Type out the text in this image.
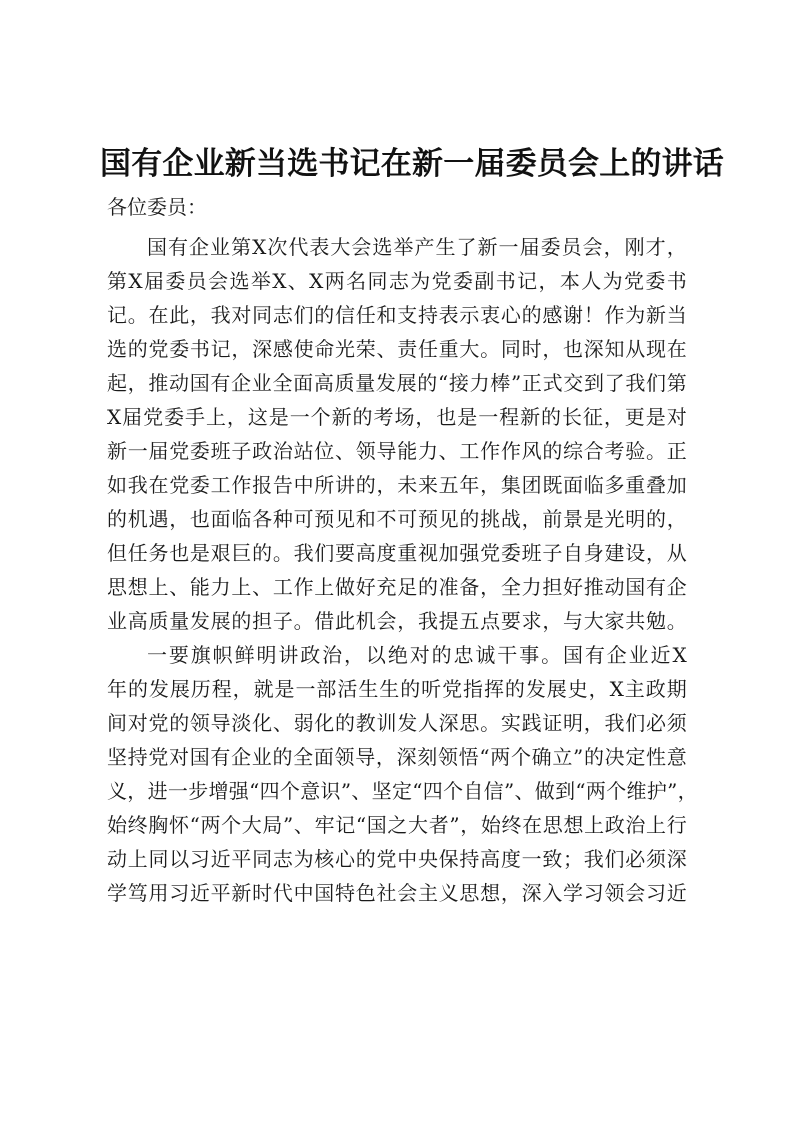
国有企业新当选书记在新一届委员会上的讲话
各位委员：
国有企业第X次代表大会选举产生了新一届委员会，刚才，
第X届委员会选举X、X两名同志为党委副书记，本人为党委书
记。在此，我对同志们的信任和支持表示衷心的感谢！作为新当
选的党委书记，深感使命光荣、责任重大。同时，也深知从现在
起，推动国有企业全面高质量发展的“接力棒”正式交到了我们第
X届党委手上，这是一个新的考场，也是一程新的长征，更是对
新一届党委班子政治站位、领导能力、工作作风的综合考验。正
如我在党委工作报告中所讲的，未来五年，集团既面临多重叠加
的机遇，也面临各种可预见和不可预见的挑战，前景是光明的，
但任务也是艰巨的。我们要高度重视加强党委班子自身建设，从
思想上、能力上、工作上做好充足的准备，全力担好推动国有企
业高质量发展的担子。借此机会，我提五点要求，与大家共勉。
一要旗帜鲜明讲政治，以绝对的忠诚干事。国有企业近X
年的发展历程，就是一部活生生的听党指挥的发展史，X主政期
间对党的领导淡化、弱化的教训发人深思。实践证明，我们必须
坚持党对国有企业的全面领导，深刻领悟“两个确立”的决定性意
义，进一步增强“四个意识”、坚定“四个自信”、做到“两个维护”，
始终胸怀“两个大局”、牢记“国之大者”，始终在思想上政治上行
动上同以习近平同志为核心的党中央保持高度一致；我们必须深
学笃用习近平新时代中国特色社会主义思想，深入学习领会习近
